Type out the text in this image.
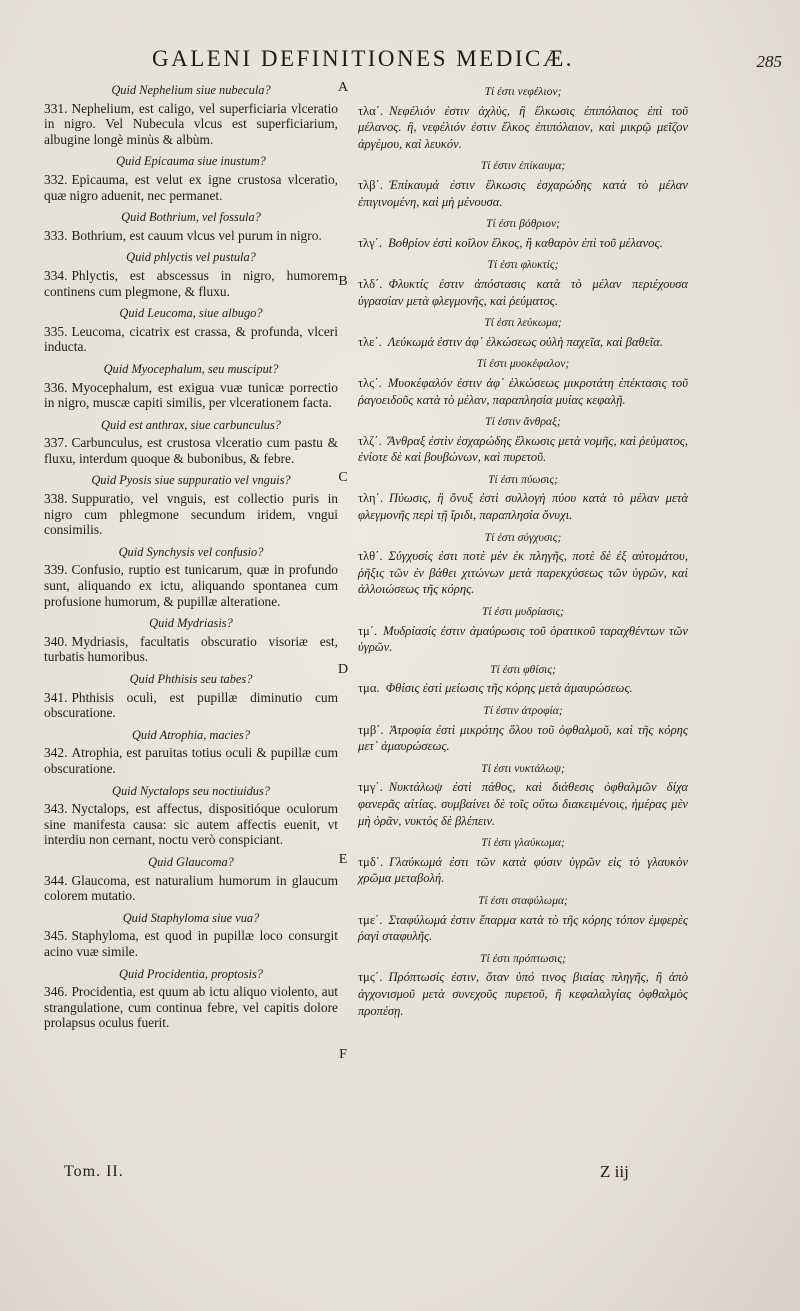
GALENI DEFINITIONES MEDICÆ.	285
A
B
C
D
E
F
Quid Nephelium siue nubecula?
331. Nephelium, est caligo, vel superficiaria vlceratio in nigro. Vel Nubecula vlcus est superficiarium, albugine longè minùs & albùm.
Quid Epicauma siue inustum?
332. Epicauma, est velut ex igne crustosa vlceratio, quæ nigro aduenit, nec permanet.
Quid Bothrium, vel fossula?
333. Bothrium, est cauum vlcus vel purum in nigro.
Quid phlyctis vel pustula?
334. Phlyctis, est abscessus in nigro, humorem continens cum plegmone, & fluxu.
Quid Leucoma, siue albugo?
335. Leucoma, cicatrix est crassa, & profunda, vlceri inducta.
Quid Myocephalum, seu musciput?
336. Myocephalum, est exigua vuæ tunicæ porrectio in nigro, muscæ capiti similis, per vlcerationem facta.
Quid est anthrax, siue carbunculus?
337. Carbunculus, est crustosa vlceratio cum pastu & fluxu, interdum quoque & bubonibus, & febre.
Quid Pyosis siue suppuratio vel vnguis?
338. Suppuratio, vel vnguis, est collectio puris in nigro cum phlegmone secundum iridem, vngui consimilis.
Quid Synchysis vel confusio?
339. Confusio, ruptio est tunicarum, quæ in profundo sunt, aliquando ex ictu, aliquando spontanea cum profusione humorum, & pupillæ alteratione.
Quid Mydriasis?
340. Mydriasis, facultatis obscuratio visoriæ est, turbatis humoribus.
Quid Phthisis seu tabes?
341. Phthisis oculi, est pupillæ diminutio cum obscuratione.
Quid Atrophia, macies?
342. Atrophia, est paruitas totius oculi & pupillæ cum obscuratione.
Quid Nyctalops seu noctiuidus?
343. Nyctalops, est affectus, dispositióque oculorum sine manifesta causa: sic autem affectis euenit, vt interdiu non cernant, noctu verò conspiciant.
Quid Glaucoma?
344. Glaucoma, est naturalium humorum in glaucum colorem mutatio.
Quid Staphyloma siue vua?
345. Staphyloma, est quod in pupillæ loco consurgit acino vuæ simile.
Quid Procidentia, proptosis?
346. Procidentia, est quum ab ictu aliquo violento, aut strangulatione, cum continua febre, vel capitis dolore prolapsus oculus fuerit.
Τί ἐστι νεφέλιον;
τλα΄. Νεφέλιόν ἐστιν ἀχλὺς, ἢ ἕλκωσις ἐπιπόλαιος ἐπὶ τοῦ μέλανος. ἢ, νεφέλιόν ἐστιν ἕλκος ἐπιπόλαιον, καὶ μικρῷ μεῖζον ἀργέμου, καὶ λευκόν.
Τί ἐστιν ἐπίκαυμα;
τλβ΄. Ἐπίκαυμά ἐστιν ἕλκωσις ἐσχαρώδης κατὰ τὸ μέλαν ἐπιγινομένη, καὶ μὴ μένουσα.
Τί ἐστι βόθριον;
τλγ΄. Βοθρίον ἐστὶ κοῖλον ἕλκος, ἢ καθαρὸν ἐπὶ τοῦ μέλανος.
Τί ἐστι φλυκτίς;
τλδ΄. Φλυκτίς ἐστιν ἀπόστασις κατὰ τὸ μέλαν περιέχουσα ὑγρασίαν μετὰ φλεγμονῆς, καὶ ῥεύματος.
Τί ἐστι λεύκωμα;
τλε΄. Λεύκωμά ἐστιν ἀφ᾽ ἑλκώσεως οὐλὴ παχεῖα, καὶ βαθεῖα.
Τί ἐστι μυοκέφαλον;
τλϛ΄. Μυοκέφαλόν ἐστιν ἀφ᾽ ἑλκώσεως μικροτάτη ἐπέκτασις τοῦ ῥαγοειδοῦς κατὰ τὸ μέλαν, παραπλησία μυίας κεφαλῇ.
Τί ἐστιν ἄνθραξ;
τλζ΄. Ἄνθραξ ἐστὶν ἐσχαρώδης ἕλκωσις μετὰ νομῆς, καὶ ῥεύματος, ἐνίοτε δὲ καὶ βουβώνων, καὶ πυρετοῦ.
Τί ἐστι πύωσις;
τλη΄. Πύωσις, ἢ ὄνυξ ἐστὶ συλλογὴ πύου κατὰ τὸ μέλαν μετὰ φλεγμονῆς περὶ τῇ ἴριδι, παραπλησία ὄνυχι.
Τί ἐστι σύγχυσις;
τλθ΄. Σύγχυσίς ἐστι ποτὲ μὲν ἐκ πληγῆς, ποτὲ δὲ ἐξ αὐτομάτου, ῥῆξις τῶν ἐν βάθει χιτώνων μετὰ παρεκχύσεως τῶν ὑγρῶν, καὶ ἀλλοιώσεως τῆς κόρης.
Τί ἐστι μυδρίασις;
τμ΄. Μυδρίασίς ἐστιν ἀμαύρωσις τοῦ ὁρατικοῦ ταραχθέντων τῶν ὑγρῶν.
Τί ἐστι φθίσις;
τμα. Φθίσις ἐστὶ μείωσις τῆς κόρης μετὰ ἀμαυρώσεως.
Τί ἐστιν ἀτροφία;
τμβ΄. Ἀτροφία ἐστὶ μικρότης ὅλου τοῦ ὀφθαλμοῦ, καὶ τῆς κόρης μετ᾽ ἀμαυρώσεως.
Τί ἐστι νυκτάλωψ;
τμγ΄. Νυκτάλωψ ἐστὶ πάθος, καὶ διάθεσις ὀφθαλμῶν δίχα φανερᾶς αἰτίας. συμβαίνει δὲ τοῖς οὕτω διακειμένοις, ἡμέρας μὲν μὴ ὁρᾶν, νυκτὸς δὲ βλέπειν.
Τί ἐστι γλαύκωμα;
τμδ΄. Γλαύκωμά ἐστι τῶν κατὰ φύσιν ὑγρῶν εἰς τὸ γλαυκὸν χρῶμα μεταβολή.
Τί ἐστι σταφύλωμα;
τμε΄. Σταφύλωμά ἐστιν ἔπαρμα κατὰ τὸ τῆς κόρης τόπον ἐμφερὲς ῥαγὶ σταφυλῆς.
Τί ἐστι πρόπτωσις;
τμϛ΄. Πρόπτωσίς ἐστιν, ὅταν ὑπό τινος βιαίας πληγῆς, ἢ ἀπὸ ἀγχονισμοῦ μετὰ συνεχοῦς πυρετοῦ, ἢ κεφαλαλγίας ὀφθαλμὸς προπέσῃ.
Tom. II.	Z iij
